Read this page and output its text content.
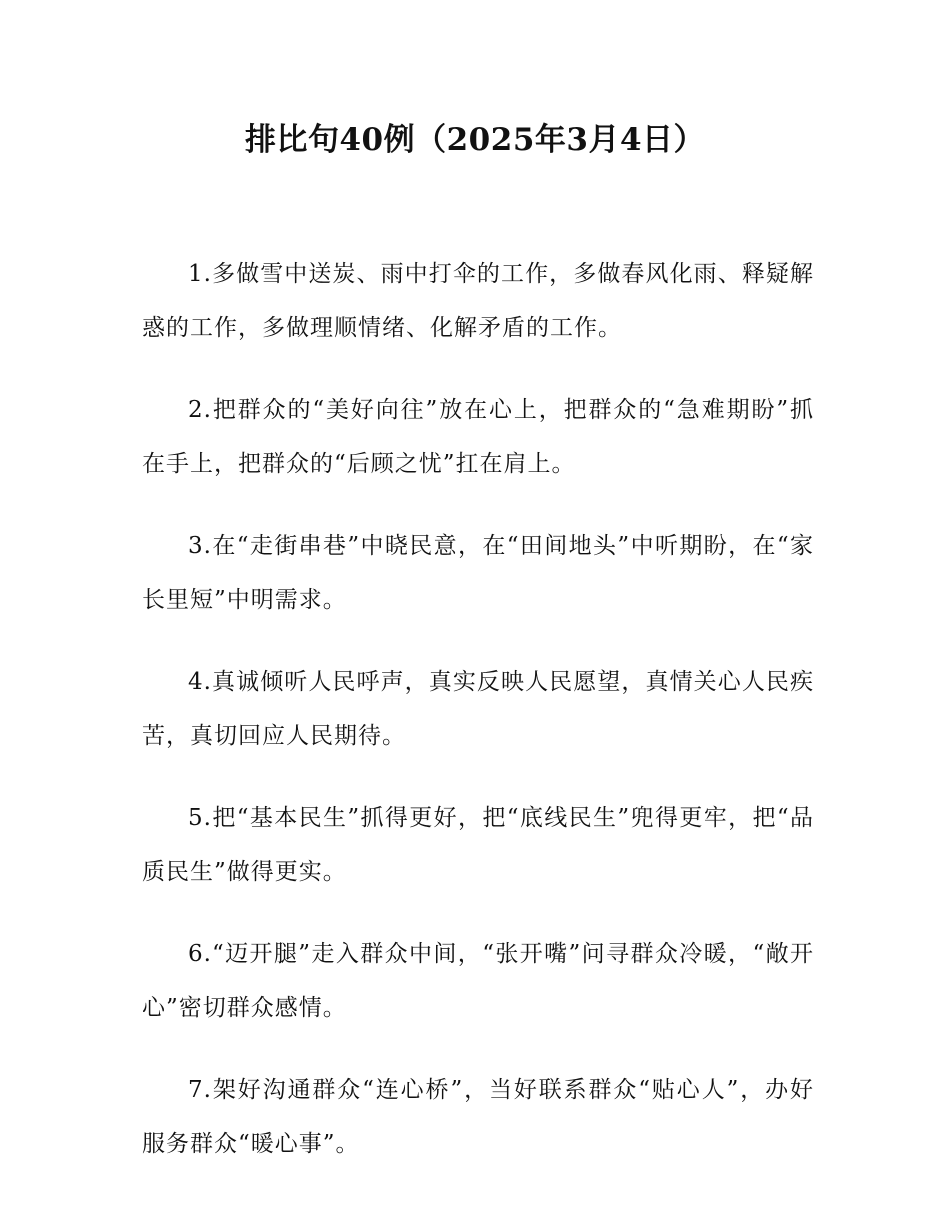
排比句40例（2025年3月4日）

1.多做雪中送炭、雨中打伞的工作，多做春风化雨、释疑解惑的工作，多做理顺情绪、化解矛盾的工作。

2.把群众的“美好向往”放在心上，把群众的“急难期盼”抓在手上，把群众的“后顾之忧”扛在肩上。

3.在“走街串巷”中晓民意，在“田间地头”中听期盼，在“家长里短”中明需求。

4.真诚倾听人民呼声，真实反映人民愿望，真情关心人民疾苦，真切回应人民期待。

5.把“基本民生”抓得更好，把“底线民生”兜得更牢，把“品质民生”做得更实。

6.“迈开腿”走入群众中间，“张开嘴”问寻群众冷暖，“敞开心”密切群众感情。

7.架好沟通群众“连心桥”，当好联系群众“贴心人”，办好服务群众“暖心事”。
